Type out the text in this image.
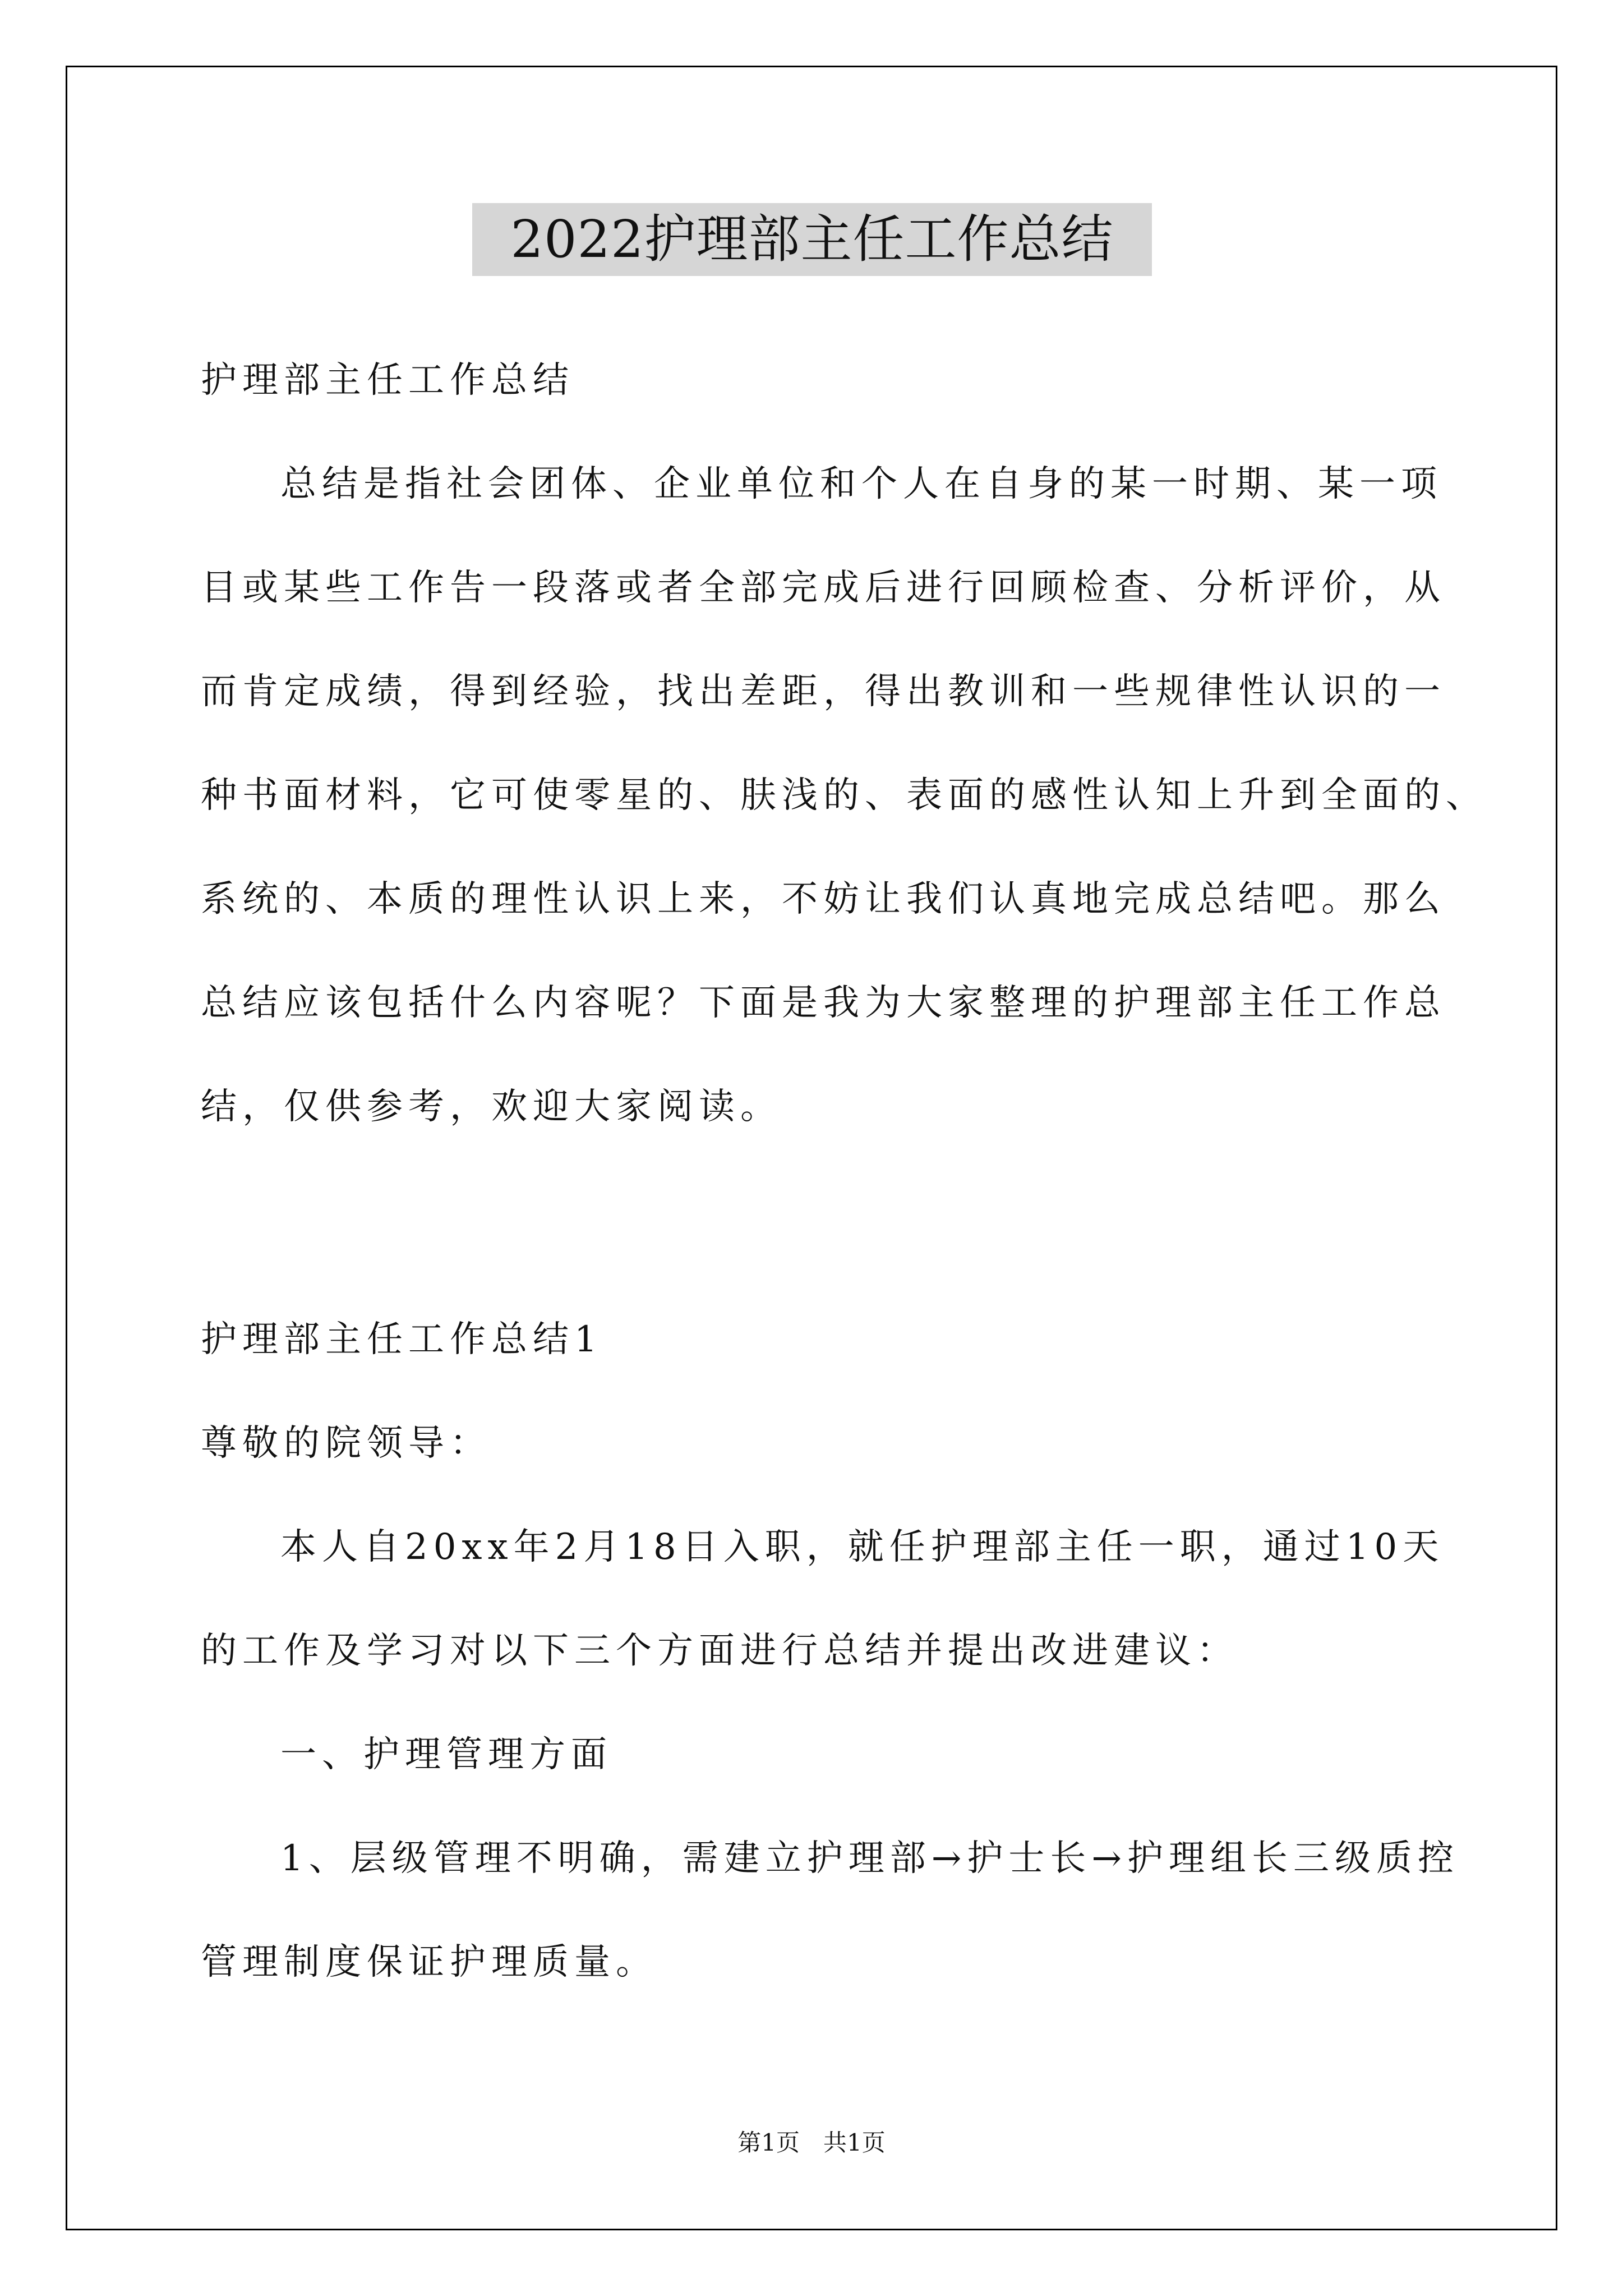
2022护理部主任工作总结
护理部主任工作总结
总结是指社会团体、企业单位和个人在自身的某一时期、某一项
目或某些工作告一段落或者全部完成后进行回顾检查、分析评价，从
而肯定成绩，得到经验，找出差距，得出教训和一些规律性认识的一
种书面材料，它可使零星的、肤浅的、表面的感性认知上升到全面的、
系统的、本质的理性认识上来，不妨让我们认真地完成总结吧。那么
总结应该包括什么内容呢？下面是我为大家整理的护理部主任工作总
结，仅供参考，欢迎大家阅读。
护理部主任工作总结1
尊敬的院领导：
本人自20xx年2月18日入职，就任护理部主任一职，通过10天
的工作及学习对以下三个方面进行总结并提出改进建议：
一、护理管理方面
1、层级管理不明确，需建立护理部→护士长→护理组长三级质控
管理制度保证护理质量。
第1页　共1页
